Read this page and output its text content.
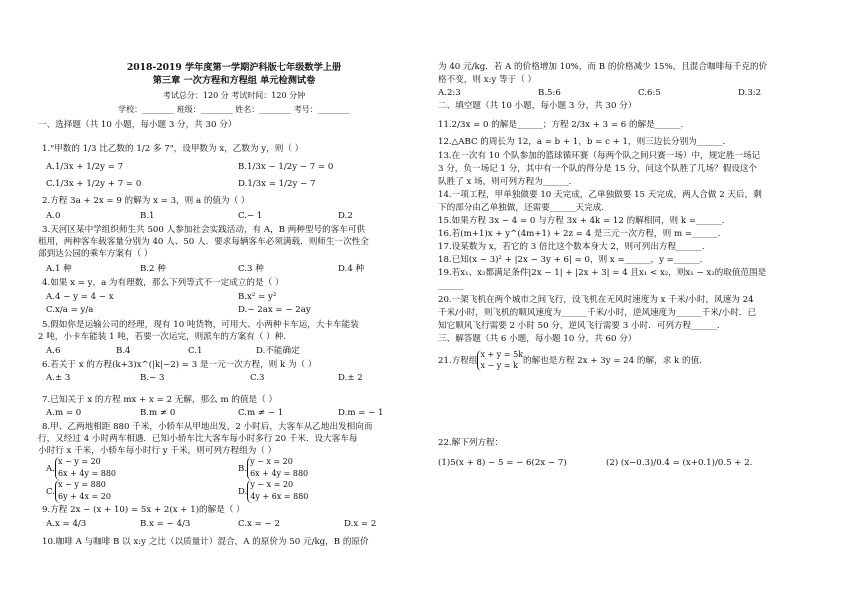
2018-2019 学年度第一学期沪科版七年级数学上册
第三章 一次方程和方程组 单元检测试卷
考试总分：120 分 考试时间：120 分钟
学校：________ 班级：________ 姓名：________ 考号：________
一、选择题（共 10 小题，每小题 3 分，共 30 分）
1."甲数的 1/3 比乙数的 1/2 多 7"，设甲数为 x，乙数为 y，则（ ）
A.1/3x + 1/2y = 7	B.1/3x − 1/2y − 7 = 0
C.1/3x + 1/2y + 7 = 0	D.1/3x = 1/2y − 7
2.方程 3a + 2x = 9 的解为 x = 3，则 a 的值为（ ）
A.0	B.1	C.− 1	D.2
3.天河区某中学组织师生共 500 人参加社会实践活动，有 A，B 两种型号的客车可供
租用，两种客车载客量分别为 40 人、50 人．要求每辆客车必须满载．则师生一次性全
部到达公园的乘车方案有（ ）
A.1 种	B.2 种	C.3 种	D.4 种
4.如果 x = y，a 为有理数，那么下列等式不一定成立的是（ ）
A.4 − y = 4 − x	B.x² = y²
C.x/a = y/a	D.− 2ax = − 2ay
5.假如你是运输公司的经理，现有 10 吨货物，可用大、小两种卡车运，大卡车能装
2 吨，小卡车能装 1 吨，若要一次运完，则派车的方案有（ ）种.
A.6	B.4	C.1	D.不能确定
6.若关于 x 的方程(k+3)x^(|k|−2) = 3 是一元一次方程，则 k 为（ ）
A.± 3	B.− 3	C.3	D.± 2
7.已知关于 x 的方程 mx + x = 2 无解，那么 m 的值是（ ）
A.m = 0	B.m ≠ 0	C.m ≠ − 1	D.m = − 1
8.甲、乙两地相距 880 千米，小轿车从甲地出发，2 小时后，大客车从乙地出发相向而
行，又经过 4 小时两车相遇．已知小轿车比大客车每小时多行 20 千米．设大客车每
小时行 x 千米，小轿车每小时行 y 千米，则可列方程组为（ ）
A.x − y = 20
6x + 4y = 880	B.y − x = 20
6x + 4y = 880
C.x − y = 880
6y + 4x = 20	D.y − x = 20
4y + 6x = 880
9.方程 2x − (x + 10) = 5x + 2(x + 1)的解是（ ）
A.x = 4/3	B.x = − 4/3	C.x = − 2	D.x = 2
10.咖啡 A 与咖啡 B 以 x:y 之比（以质量计）混合，A 的原价为 50 元/kg，B 的原价
为 40 元/kg．若 A 的价格增加 10%，而 B 的价格减少 15%，且混合咖啡每千克的价
格不变，则 x:y 等于（ ）
A.2:3	B.5:6	C.6:5	D.3:2
二、填空题（共 10 小题，每小题 3 分，共 30 分）
11.2/3x = 0 的解是______；方程 2/3x + 3 = 6 的解是______.
12.△ABC 的周长为 12，a = b + 1，b = c + 1，则三边长分别为______.
13.在一次有 10 个队参加的篮球循环赛（每两个队之间只赛一场）中，规定胜一场记
3 分，负一场记 1 分，其中有一个队的得分是 15 分，问这个队胜了几场？假设这个
队胜了 x 场，则可列方程为______.
14.一项工程，甲单独做要 10 天完成，乙单独做要 15 天完成，两人合做 2 天后，剩
下的部分由乙单独做，还需要______天完成.
15.如果方程 3x − 4 = 0 与方程 3x + 4k = 12 的解相同，则 k =______.
16.若(m+1)x + y^(4m+1) + 2z = 4 是三元一次方程，则 m =______.
17.设某数为 x，若它的 3 倍比这个数本身大 2，则可列出方程______.
18.已知(x − 3)² + |2x − 3y + 6| = 0，则 x =______，y =______.
19.若x₁、x₂都满足条件|2x − 1| + |2x + 3| = 4 且x₁ < x₂，则x₁ − x₂的取值范围是
______
20.一架飞机在两个城市之间飞行，设飞机在无风时速度为 x 千米/小时，风速为 24
千米/小时，则飞机的顺风速度为______千米/小时，逆风速度为______千米/小时．已
知它顺风飞行需要 2 小时 50 分，逆风飞行需要 3 小时．可列方程______.
三、解答题（共 6 小题，每小题 10 分，共 60 分）
21.方程组x + y = 5k
x − y = k 的解也是方程 2x + 3y = 24 的解，求 k 的值.
22.解下列方程：
(1)5(x + 8) − 5 = − 6(2x − 7)	(2) (x−0.3)/0.4 = (x+0.1)/0.5 + 2.
